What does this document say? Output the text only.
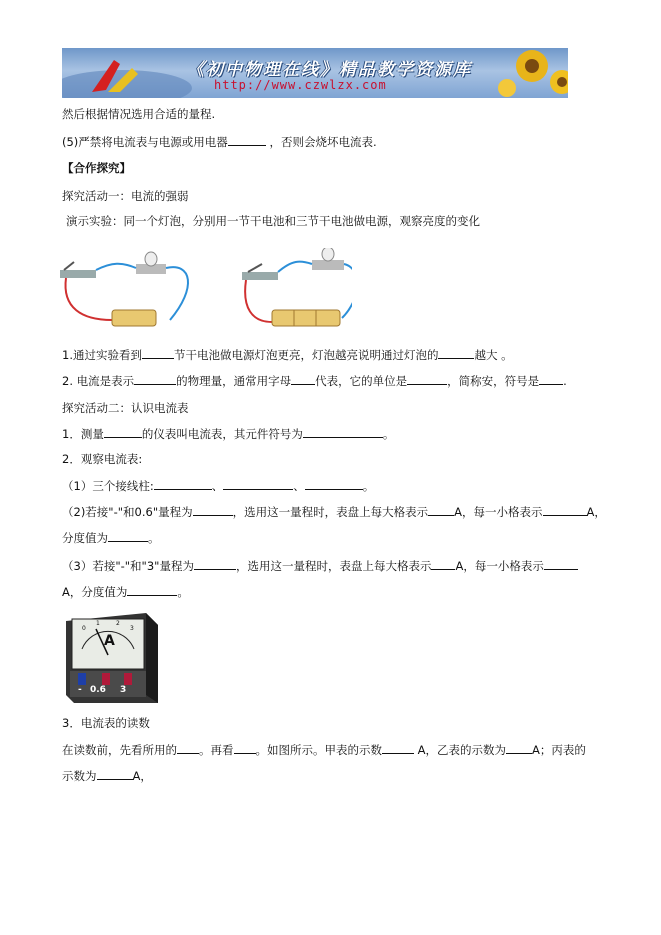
《初中物理在线》精品教学资源库
http://www.czwlzx.com
然后根据情况选用合适的量程.
(5)严禁将电流表与电源或用电器	，否则会烧坏电流表.
【合作探究】
探究活动一：电流的强弱
演示实验：同一个灯泡，分别用一节干电池和三节干电池做电源，观察亮度的变化
1.通过实验看到	节干电池做电源灯泡更亮，灯泡越亮说明通过灯泡的	越大 。
2. 电流是表示	的物理量，通常用字母 代表，它的单位是	，简称安，符号是 .
探究活动二：认识电流表
1．测量	的仪表叫电流表，其元件符号为	。
2．观察电流表:
（1）三个接线柱:	、	、	。
（2)若接"-"和0.6"量程为	，选用这一量程时，表盘上每大格表示 A，每一小格表示	A，
分度值为	。
（3）若接"-"和"3"量程为	，选用这一量程时，表盘上每大格表示 A，每一小格表示
A，分度值为	。
A
0
1	2
3
- 0.6 3
3．电流表的读数
在读数前，先看所用的 。再看 。如图所示。甲表的示数	A，乙表的示数为 A；丙表的
示数为	A，
